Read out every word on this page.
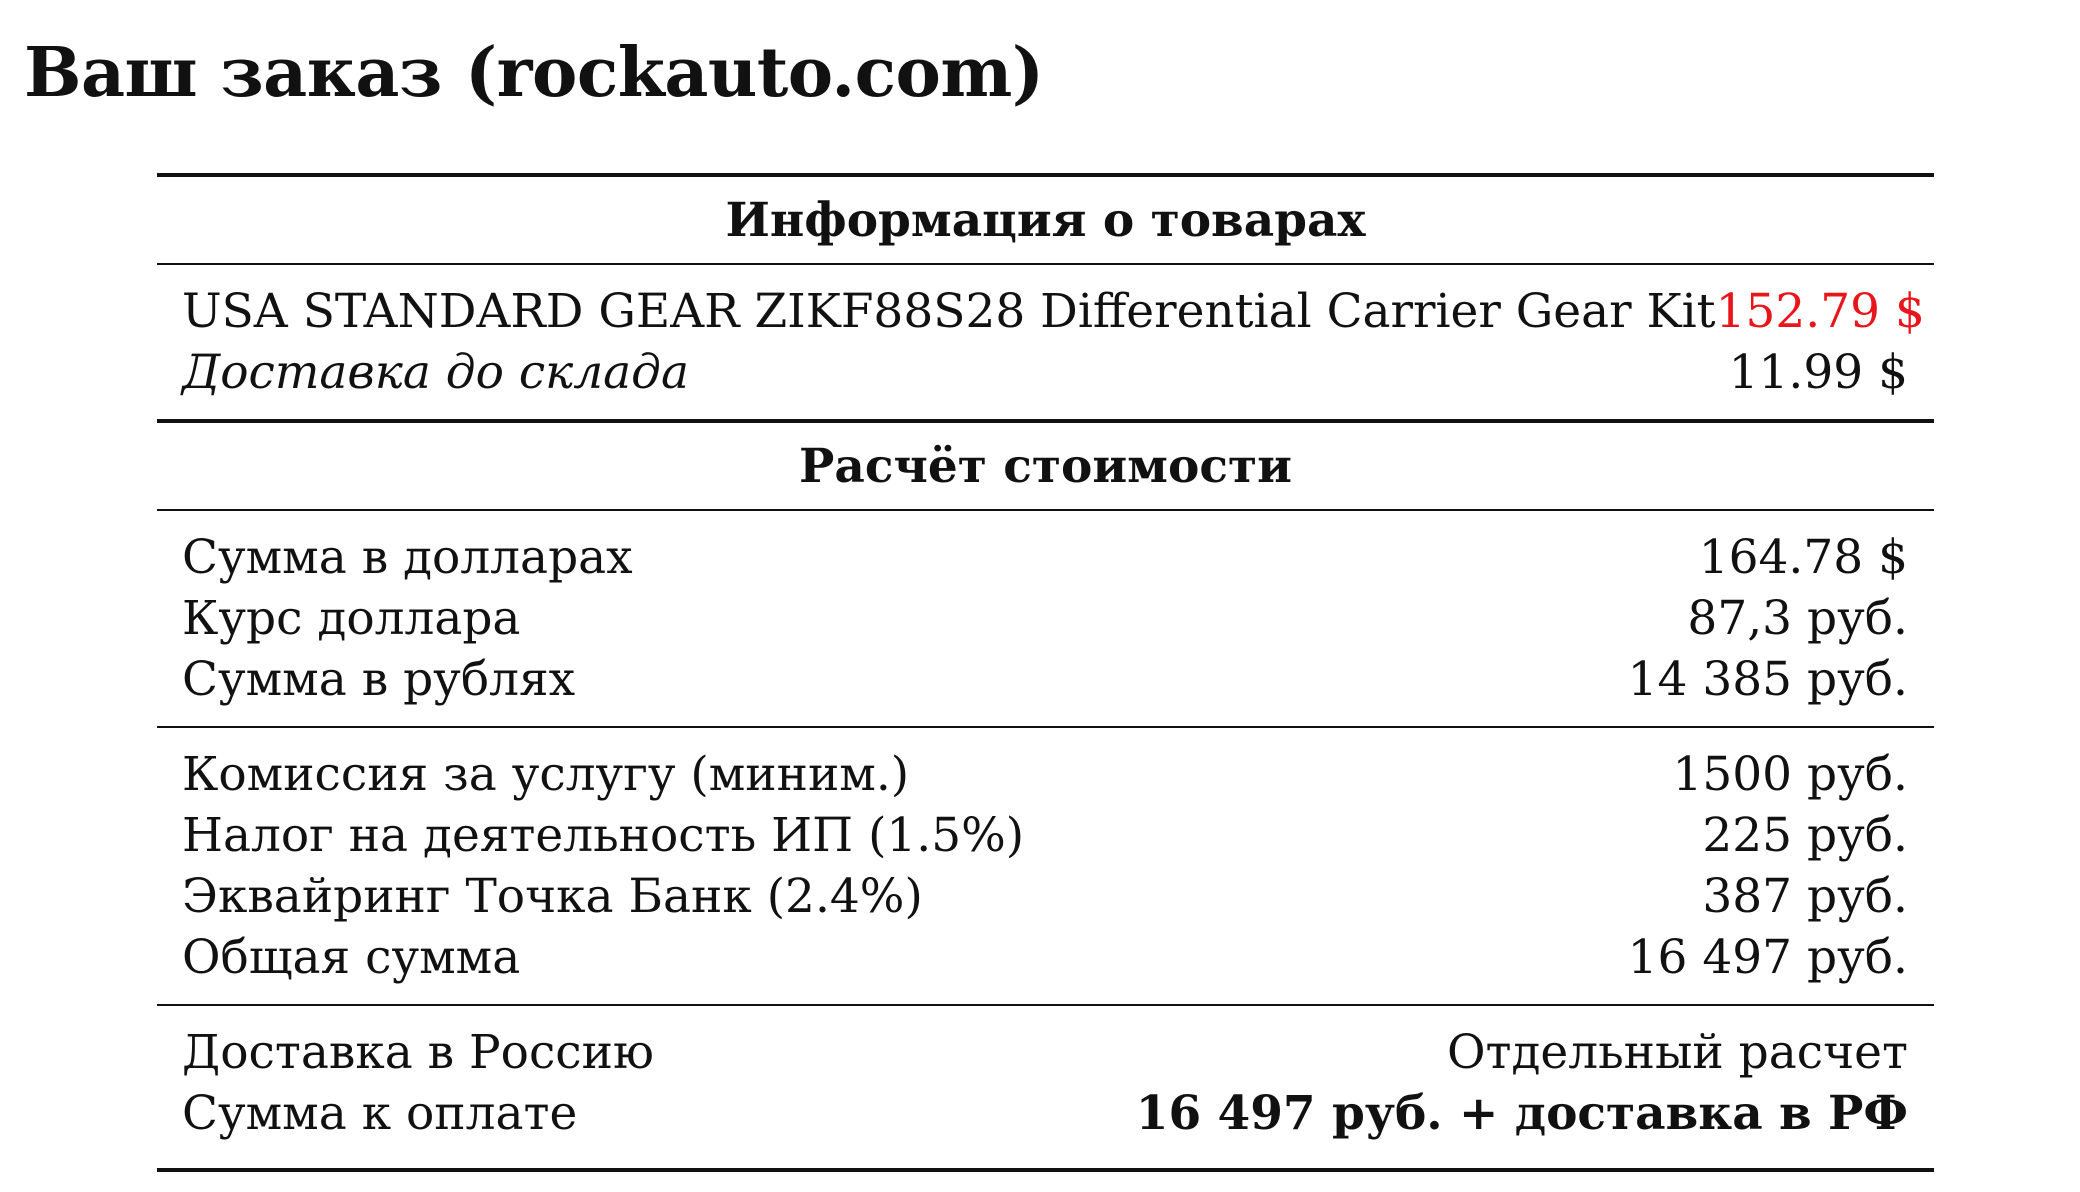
Ваш заказ (rockauto.com)
Информация о товарах
USA STANDARD GEAR ZIKF88S28 Differential Carrier Gear Kit 152.79 $
Доставка до склада	11.99 $
Расчёт стоимости
Сумма в долларах	164.78 $
Курс доллара	87,3 руб.
Сумма в рублях	14 385 руб.
Комиссия за услугу (миним.)	1500 руб.
Налог на деятельность ИП (1.5%)	225 руб.
Эквайринг Точка Банк (2.4%)	387 руб.
Общая сумма	16 497 руб.
Доставка в Россию	Отдельный расчет
Сумма к оплате	16 497 руб. + доставка в РФ
